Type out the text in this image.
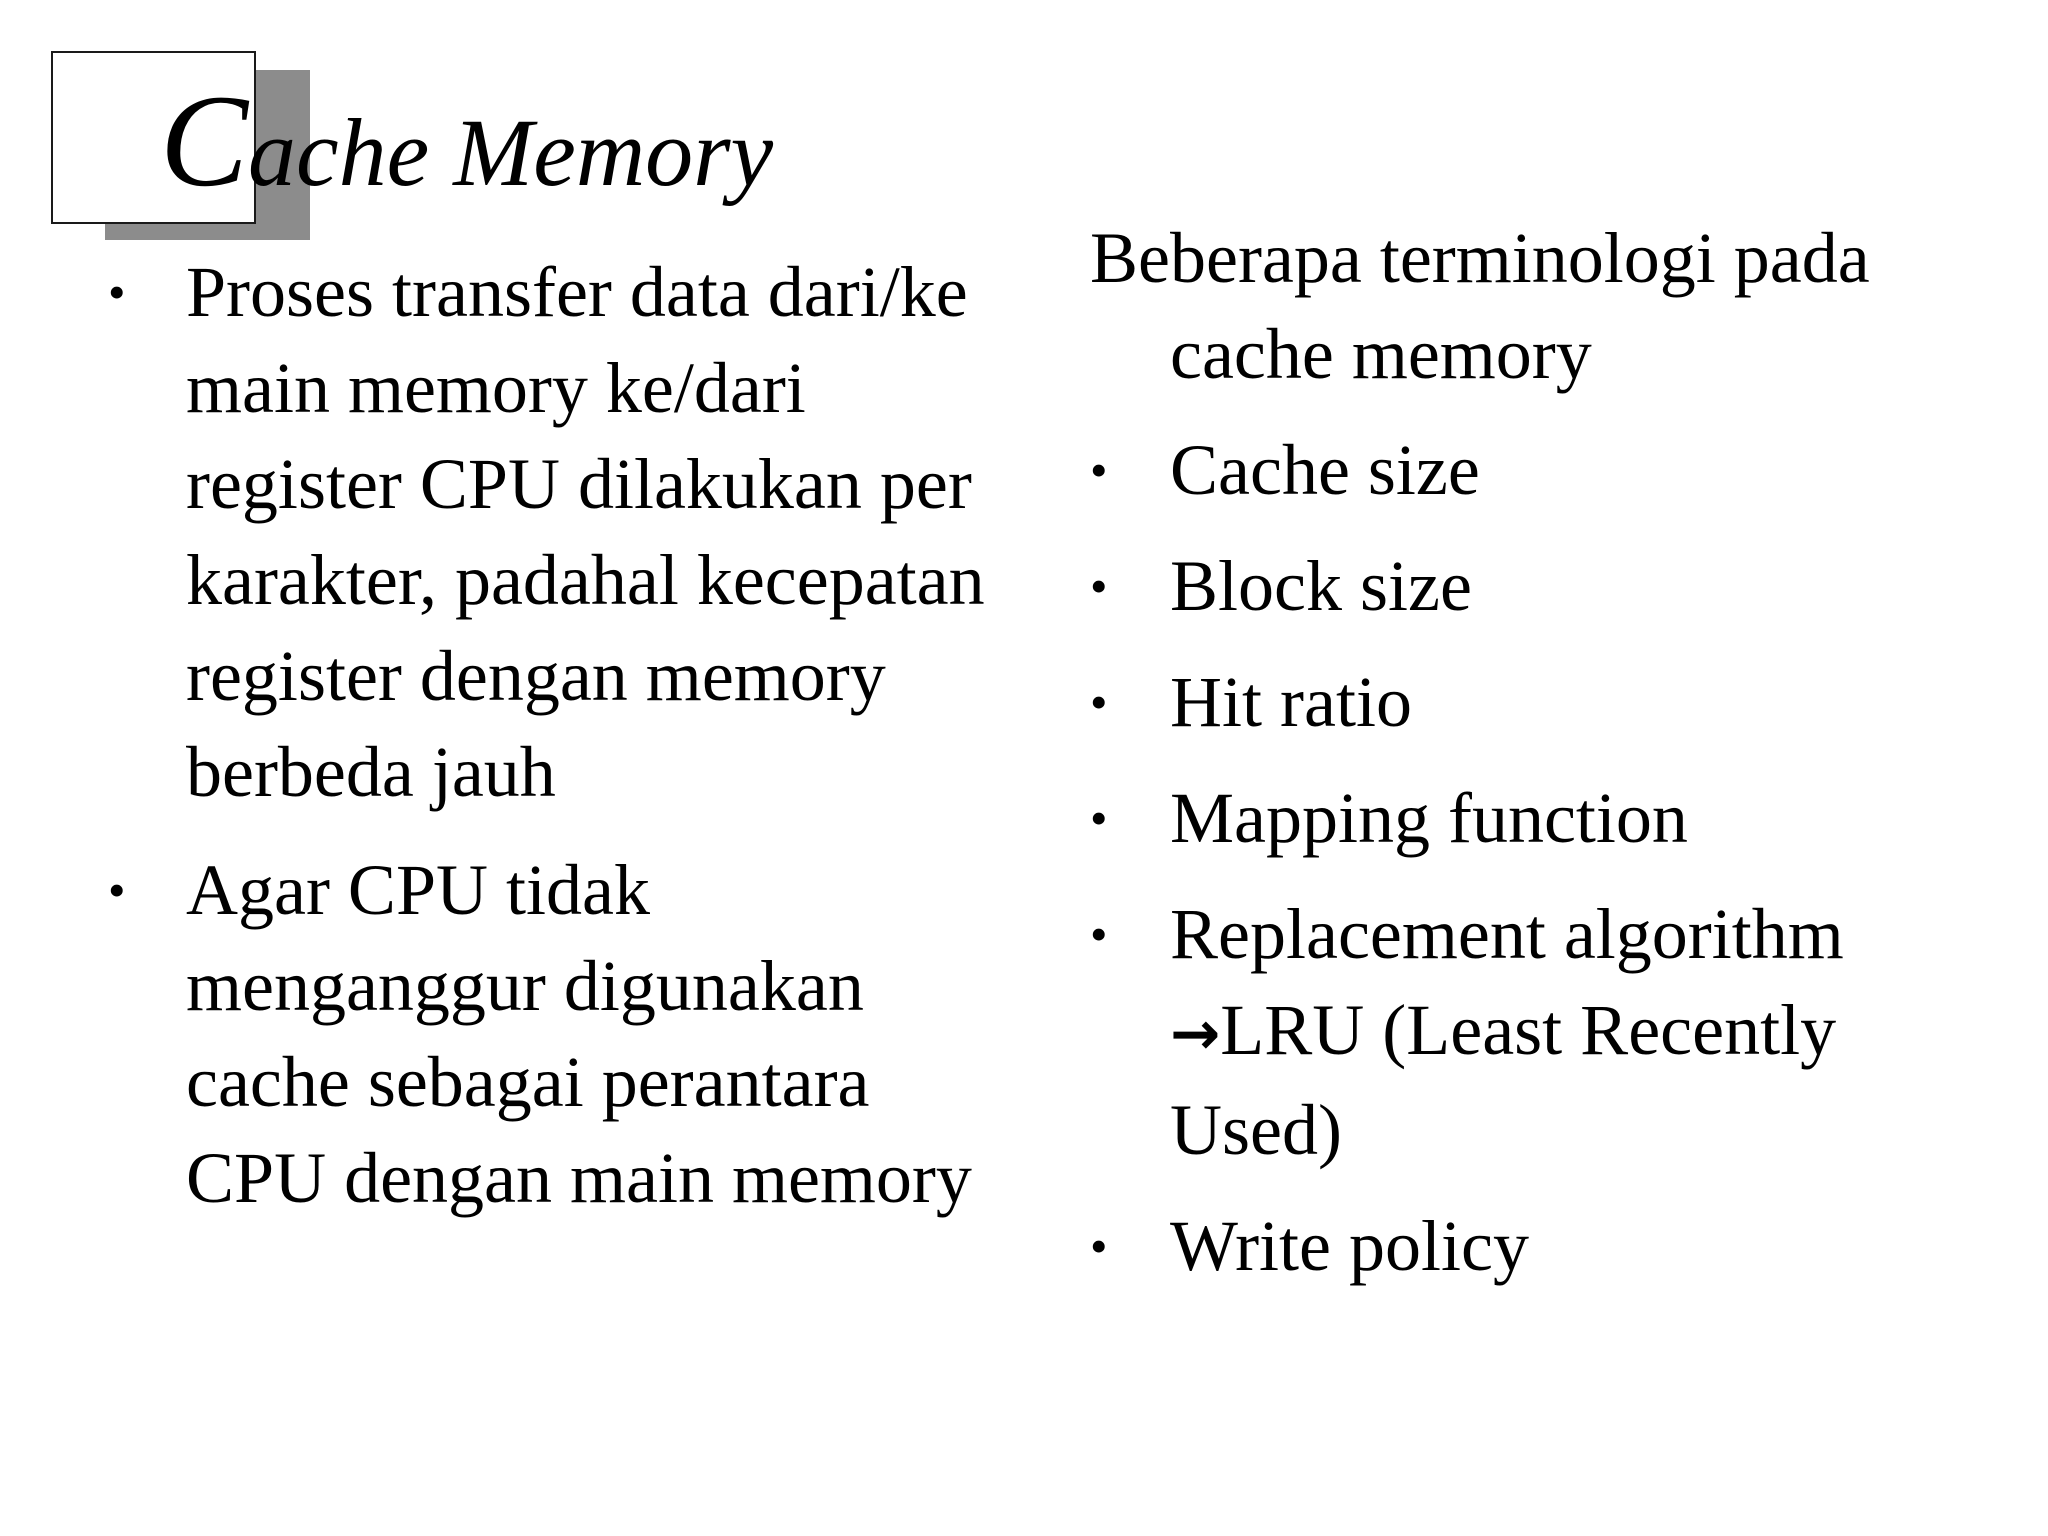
Cache Memory
• Proses transfer data dari/ke main memory ke/dari register CPU dilakukan per karakter, padahal kecepatan register dengan memory berbeda jauh
• Agar CPU tidak menganggur digunakan cache sebagai perantara CPU dengan main memory
Beberapa terminologi pada cache memory
• Cache size
• Block size
• Hit ratio
• Mapping function
• Replacement algorithm
→LRU (Least Recently Used)
• Write policy
